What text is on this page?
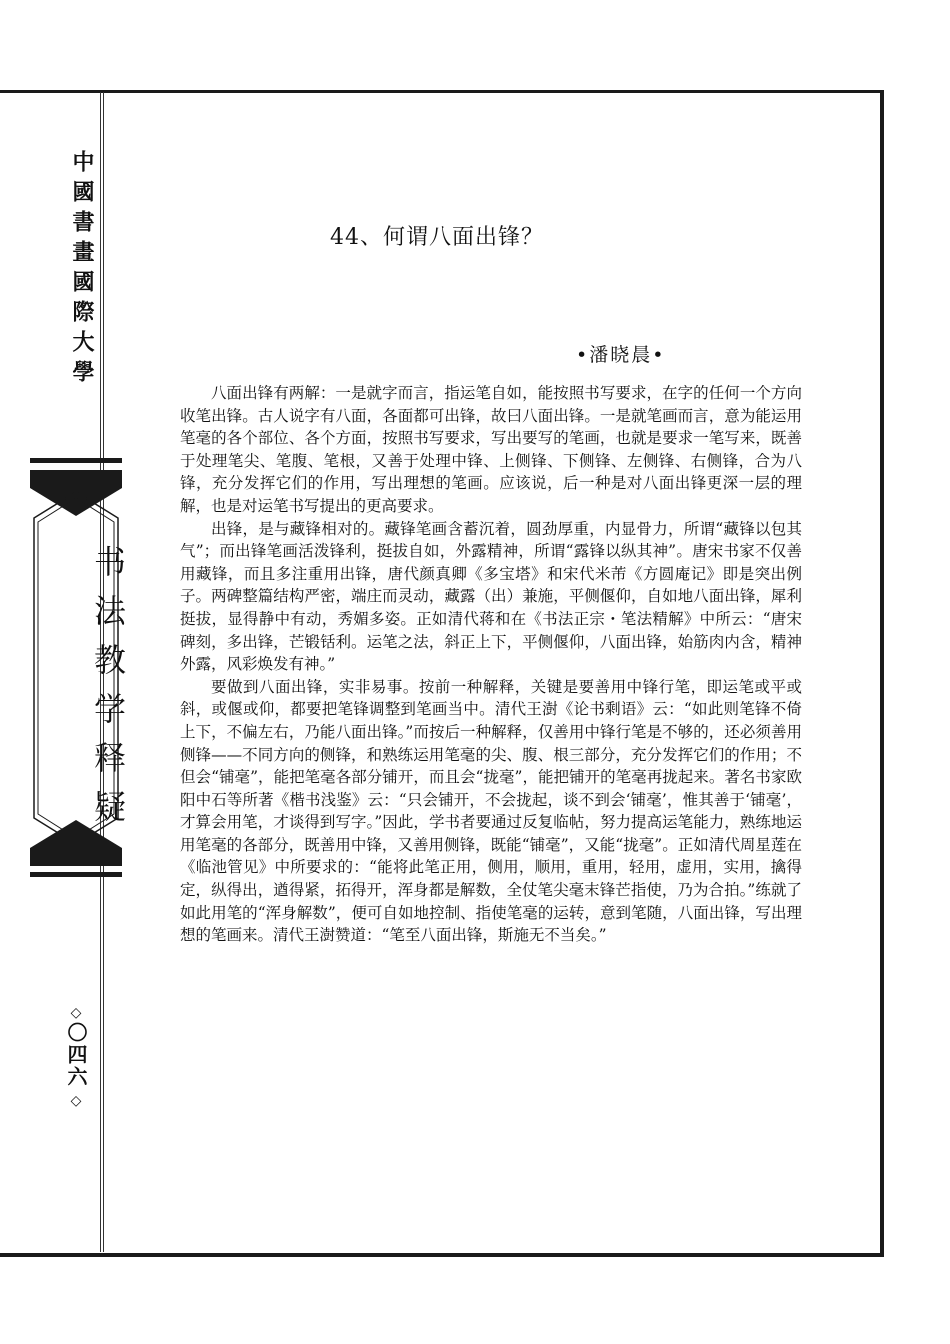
中國書畫國際大學
书法教学释疑
◇
〇四六
◇
44、何谓八面出锋？
•潘晓晨•

八面出锋有两解：一是就字而言，指运笔自如，能按照书写要求，在字的任何一个方向收笔出锋。古人说字有八面，各面都可出锋，故曰八面出锋。一是就笔画而言，意为能运用笔毫的各个部位、各个方面，按照书写要求，写出要写的笔画，也就是要求一笔写来，既善于处理笔尖、笔腹、笔根，又善于处理中锋、上侧锋、下侧锋、左侧锋、右侧锋，合为八锋，充分发挥它们的作用，写出理想的笔画。应该说，后一种是对八面出锋更深一层的理解，也是对运笔书写提出的更高要求。

出锋，是与藏锋相对的。藏锋笔画含蓄沉着，圆劲厚重，内显骨力，所谓“藏锋以包其气”；而出锋笔画活泼锋利，挺拔自如，外露精神，所谓“露锋以纵其神”。唐宋书家不仅善用藏锋，而且多注重用出锋，唐代颜真卿《多宝塔》和宋代米芾《方圆庵记》即是突出例子。两碑整篇结构严密，端庄而灵动，藏露（出）兼施，平侧偃仰，自如地八面出锋，犀利挺拔，显得静中有动，秀媚多姿。正如清代蒋和在《书法正宗・笔法精解》中所云：“唐宋碑刻，多出锋，芒锻铦利。运笔之法，斜正上下，平侧偃仰，八面出锋，始筋肉内含，精神外露，风彩焕发有神。”

要做到八面出锋，实非易事。按前一种解释，关键是要善用中锋行笔，即运笔或平或斜，或偃或仰，都要把笔锋调整到笔画当中。清代王澍《论书剩语》云：“如此则笔锋不倚上下，不偏左右，乃能八面出锋。”而按后一种解释，仅善用中锋行笔是不够的，还必须善用侧锋——不同方向的侧锋，和熟练运用笔毫的尖、腹、根三部分，充分发挥它们的作用；不但会“铺毫”，能把笔毫各部分铺开，而且会“拢毫”，能把铺开的笔毫再拢起来。著名书家欧阳中石等所著《楷书浅鉴》云：“只会铺开，不会拢起，谈不到会‘铺毫’，惟其善于‘铺毫’，才算会用笔，才谈得到写字。”因此，学书者要通过反复临帖，努力提高运笔能力，熟练地运用笔毫的各部分，既善用中锋，又善用侧锋，既能“铺毫”，又能“拢毫”。正如清代周星莲在《临池管见》中所要求的：“能将此笔正用，侧用，顺用，重用，轻用，虚用，实用，擒得定，纵得出，遒得紧，拓得开，浑身都是解数，全仗笔尖毫末锋芒指使，乃为合拍。”练就了如此用笔的“浑身解数”，便可自如地控制、指使笔毫的运转，意到笔随，八面出锋，写出理想的笔画来。清代王澍赞道：“笔至八面出锋，斯施无不当矣。”
